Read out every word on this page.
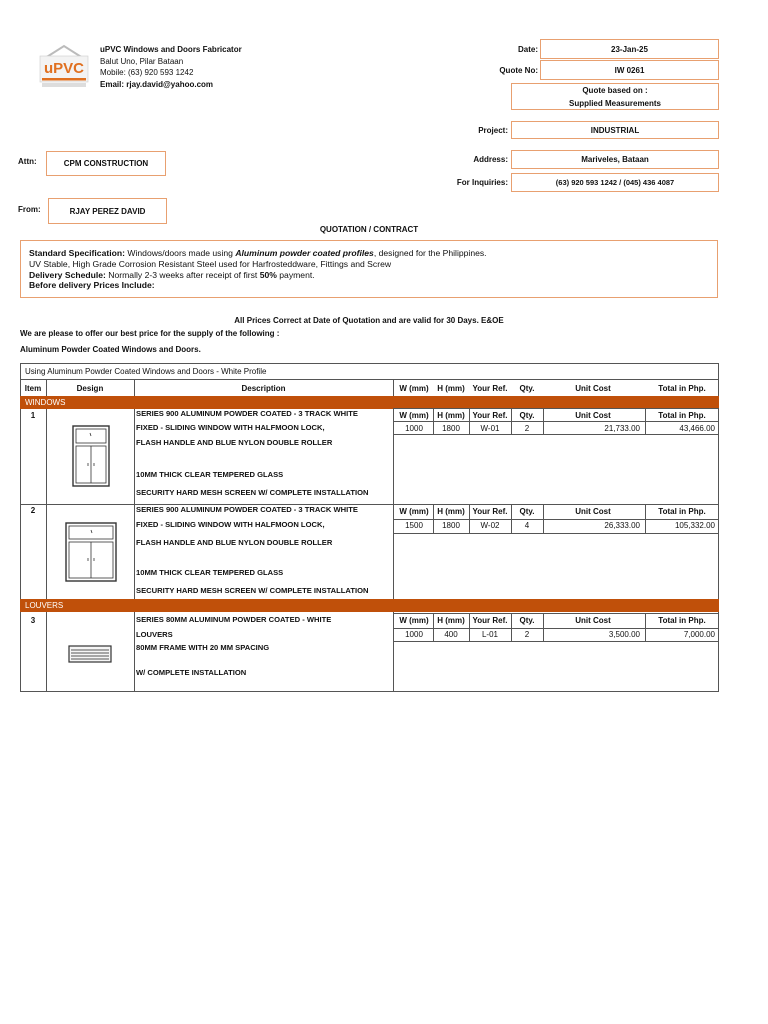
uPVC
uPVC Windows and Doors Fabricator
Balut Uno, Pilar Bataan
Mobile: (63) 920 593 1242
Email: rjay.david@yahoo.com
Date:	23-Jan-25
Quote No:	IW 0261
Quote based on :
Supplied Measurements
Project:	INDUSTRIAL
Address:	Mariveles, Bataan
For Inquiries:	(63) 920 593 1242 / (045) 436 4087
Attn:	CPM CONSTRUCTION
From:	RJAY PEREZ DAVID
QUOTATION / CONTRACT
Standard Specification: Windows/doors made using Aluminum powder coated profiles, designed for the Philippines.
UV Stable, High Grade Corrosion Resistant Steel used for Harfrosteddware, Fittings and Screw
Delivery Schedule: Normally 2-3 weeks after receipt of first 50% payment.
Before delivery Prices Include:
All Prices Correct at Date of Quotation and are valid for 30 Days. E&OE
We are please to offer our best price for the supply of the following :
Aluminum Powder Coated Windows and Doors.
Using Aluminum Powder Coated Windows and Doors - White Profile
Item	Design	Description	W (mm)	H (mm) Your Ref.	Qty.	Unit Cost	Total in Php.
WINDOWS
1	SERIES 900 ALUMINUM POWDER COATED - 3 TRACK WHITE
FIXED - SLIDING WINDOW WITH HALFMOON LOCK,
FLASH HANDLE AND BLUE NYLON DOUBLE ROLLER
10MM THICK CLEAR TEMPERED GLASS
SECURITY HARD MESH SCREEN W/ COMPLETE INSTALLATION
W (mm)	H (mm) Your Ref.	Qty.	Unit Cost	Total in Php.
1000	1800	W-01	2	21,733.00	43,466.00
2	SERIES 900 ALUMINUM POWDER COATED - 3 TRACK WHITE
FIXED - SLIDING WINDOW WITH HALFMOON LOCK,
FLASH HANDLE AND BLUE NYLON DOUBLE ROLLER
10MM THICK CLEAR TEMPERED GLASS
SECURITY HARD MESH SCREEN W/ COMPLETE INSTALLATION
W (mm)	H (mm) Your Ref.	Qty.	Unit Cost	Total in Php.
1500	1800	W-02	4	26,333.00	105,332.00
LOUVERS
3	SERIES 80MM ALUMINUM POWDER COATED - WHITE
LOUVERS
80MM FRAME WITH 20 MM SPACING
W/ COMPLETE INSTALLATION
W (mm)	H (mm) Your Ref.	Qty.	Unit Cost	Total in Php.
1000	400	L-01	2	3,500.00	7,000.00
